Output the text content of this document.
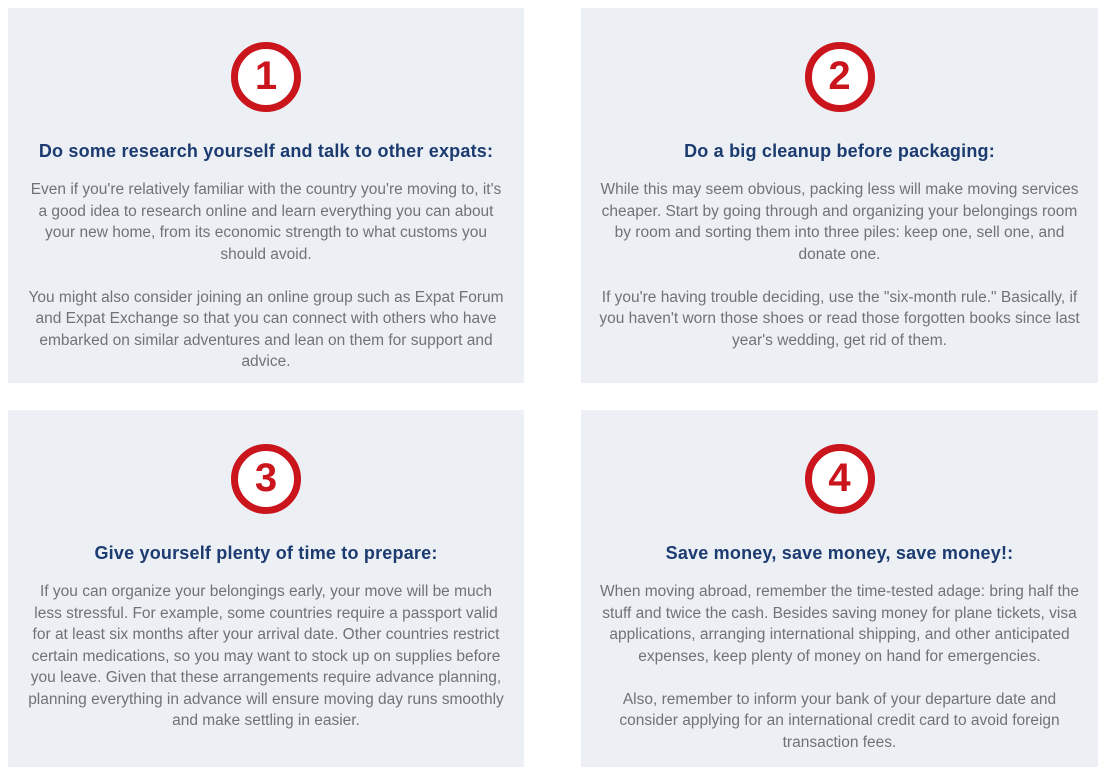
1
Do some research yourself and talk to other expats:

Even if you're relatively familiar with the country you're moving to, it's a good idea to research online and learn everything you can about your new home, from its economic strength to what customs you should avoid.

You might also consider joining an online group such as Expat Forum and Expat Exchange so that you can connect with others who have embarked on similar adventures and lean on them for support and advice.

2
Do a big cleanup before packaging:

While this may seem obvious, packing less will make moving services cheaper. Start by going through and organizing your belongings room by room and sorting them into three piles: keep one, sell one, and donate one.

If you're having trouble deciding, use the "six-month rule." Basically, if you haven't worn those shoes or read those forgotten books since last year's wedding, get rid of them.

3
Give yourself plenty of time to prepare:

If you can organize your belongings early, your move will be much less stressful. For example, some countries require a passport valid for at least six months after your arrival date. Other countries restrict certain medications, so you may want to stock up on supplies before you leave. Given that these arrangements require advance planning, planning everything in advance will ensure moving day runs smoothly and make settling in easier.

4
Save money, save money, save money!:

When moving abroad, remember the time-tested adage: bring half the stuff and twice the cash. Besides saving money for plane tickets, visa applications, arranging international shipping, and other anticipated expenses, keep plenty of money on hand for emergencies.

Also, remember to inform your bank of your departure date and consider applying for an international credit card to avoid foreign transaction fees.
